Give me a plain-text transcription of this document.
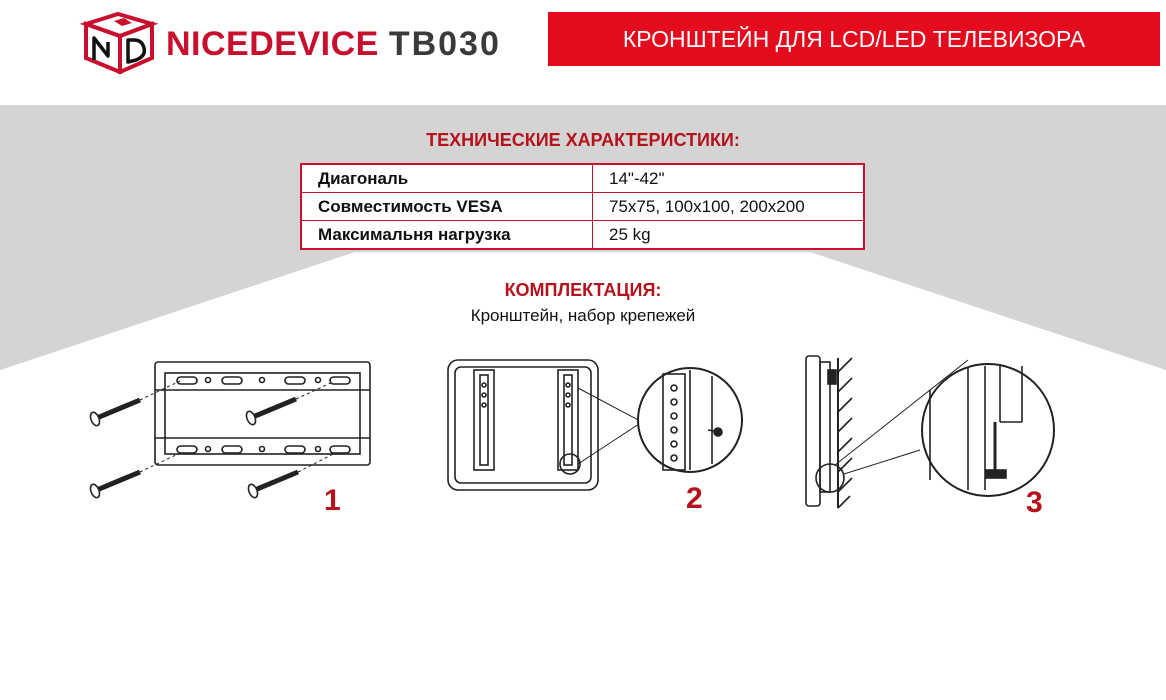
NICEDEVICE TB030	КРОНШТЕЙН ДЛЯ LCD/LED ТЕЛЕВИЗОРА
ТЕХНИЧЕСКИЕ ХАРАКТЕРИСТИКИ:
Диагональ	14"-42"
Совместимость VESA	75x75, 100x100, 200x200
Максимальня нагрузка	25 kg
КОМПЛЕКТАЦИЯ:
Кронштейн, набор крепежей
1	2	3
